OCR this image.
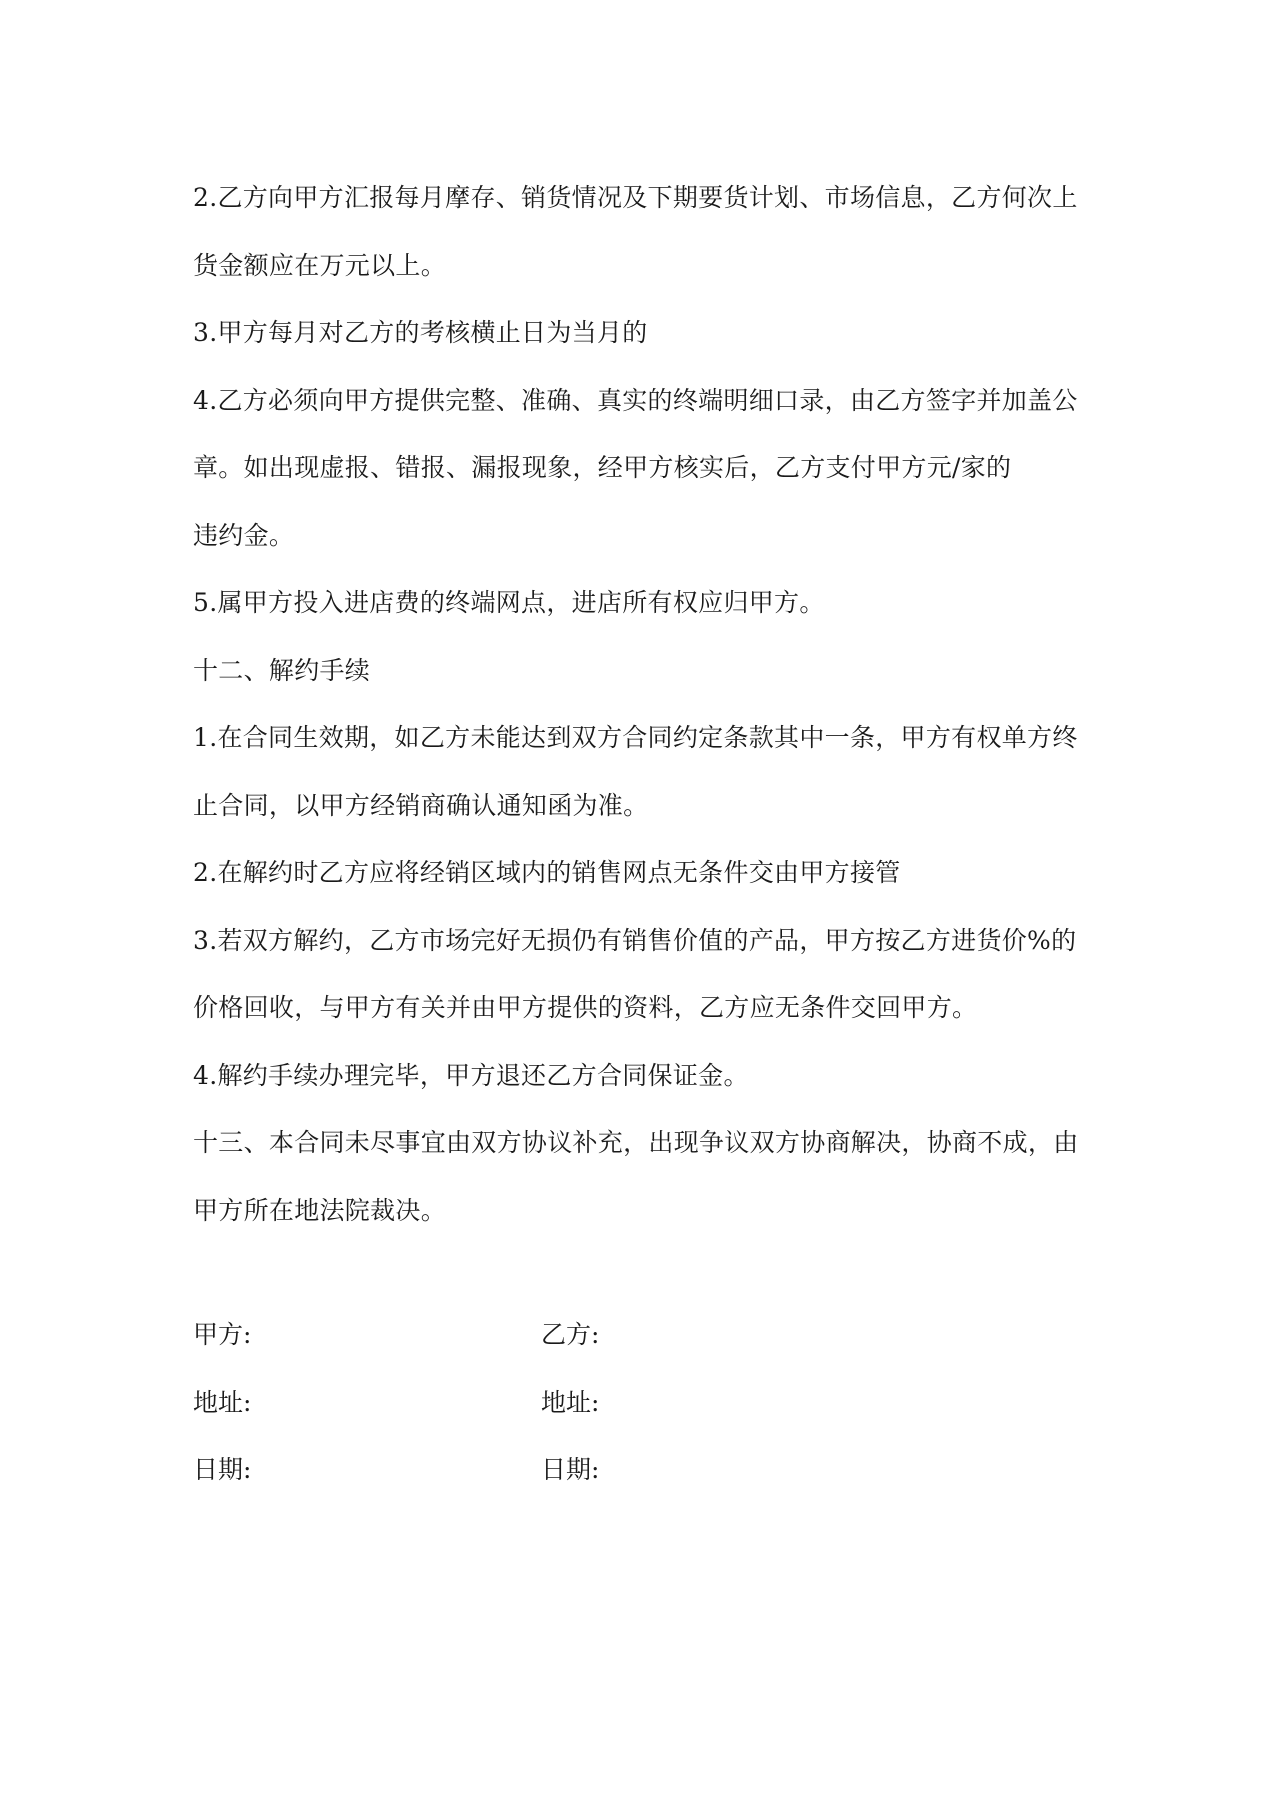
2.乙方向甲方汇报每月摩存、销货情况及下期要货计划、市场信息，乙方何次上

货金额应在万元以上。

3.甲方每月对乙方的考核横止日为当月的

4.乙方必须向甲方提供完整、准确、真实的终端明细口录，由乙方签字并加盖公

章。如出现虚报、错报、漏报现象，经甲方核实后，乙方支付甲方元/家的

违约金。

5.属甲方投入进店费的终端网点，进店所有权应归甲方。

十二、解约手续

1.在合同生效期，如乙方未能达到双方合同约定条款其中一条，甲方有权单方终

止合同，以甲方经销商确认通知函为准。

2.在解约时乙方应将经销区域内的销售网点无条件交由甲方接管

3.若双方解约，乙方市场完好无损仍有销售价值的产品，甲方按乙方进货价%的

价格回收，与甲方有关并由甲方提供的资料，乙方应无条件交回甲方。

4.解约手续办理完毕，甲方退还乙方合同保证金。

十三、本合同未尽事宜由双方协议补充，出现争议双方协商解决，协商不成，由

甲方所在地法院裁决。

甲方:	乙方:
地址:	地址:
日期:	日期:
